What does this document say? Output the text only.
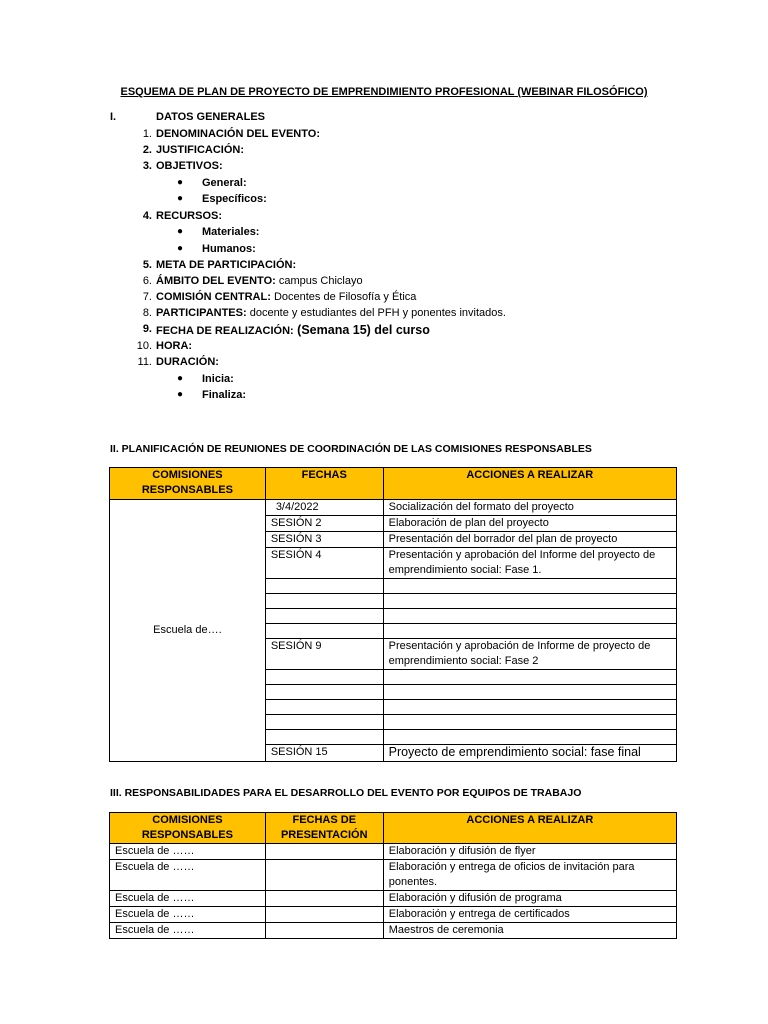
ESQUEMA DE PLAN DE PROYECTO DE EMPRENDIMIENTO PROFESIONAL (WEBINAR FILOSÓFICO)
I.	DATOS GENERALES
1. DENOMINACIÓN DEL EVENTO:
2. JUSTIFICACIÓN:
3. OBJETIVOS:
● General:
● Específicos:
4. RECURSOS:
● Materiales:
● Humanos:
5. META DE PARTICIPACIÓN:
6. ÁMBITO DEL EVENTO: campus Chiclayo
7. COMISIÓN CENTRAL: Docentes de Filosofía y Ética
8. PARTICIPANTES: docente y estudiantes del PFH y ponentes invitados.
9. FECHA DE REALIZACIÓN: (Semana 15) del curso
10. HORA:
11. DURACIÓN:
● Inicia:
● Finaliza:
II. PLANIFICACIÓN DE REUNIONES DE COORDINACIÓN DE LAS COMISIONES RESPONSABLES
COMISIONES RESPONSABLES	FECHAS	ACCIONES A REALIZAR
Escuela de….	3/4/2022	Socialización del formato del proyecto
	SESIÓN 2	Elaboración de plan del proyecto
	SESIÓN 3	Presentación del borrador del plan de proyecto
	SESIÓN 4	Presentación y aprobación del Informe del proyecto de emprendimiento social: Fase 1.

	SESIÓN 9	Presentación y aprobación de Informe de proyecto de emprendimiento social: Fase 2

	SESIÓN 15	Proyecto de emprendimiento social: fase final
III. RESPONSABILIDADES PARA EL DESARROLLO DEL EVENTO POR EQUIPOS DE TRABAJO
COMISIONES RESPONSABLES	FECHAS DE PRESENTACIÓN	ACCIONES A REALIZAR
Escuela de ……		Elaboración y difusión de flyer
Escuela de ……		Elaboración y entrega de oficios de invitación para ponentes.
Escuela de ……		Elaboración y difusión de programa
Escuela de ……		Elaboración y entrega de certificados
Escuela de ……		Maestros de ceremonia
